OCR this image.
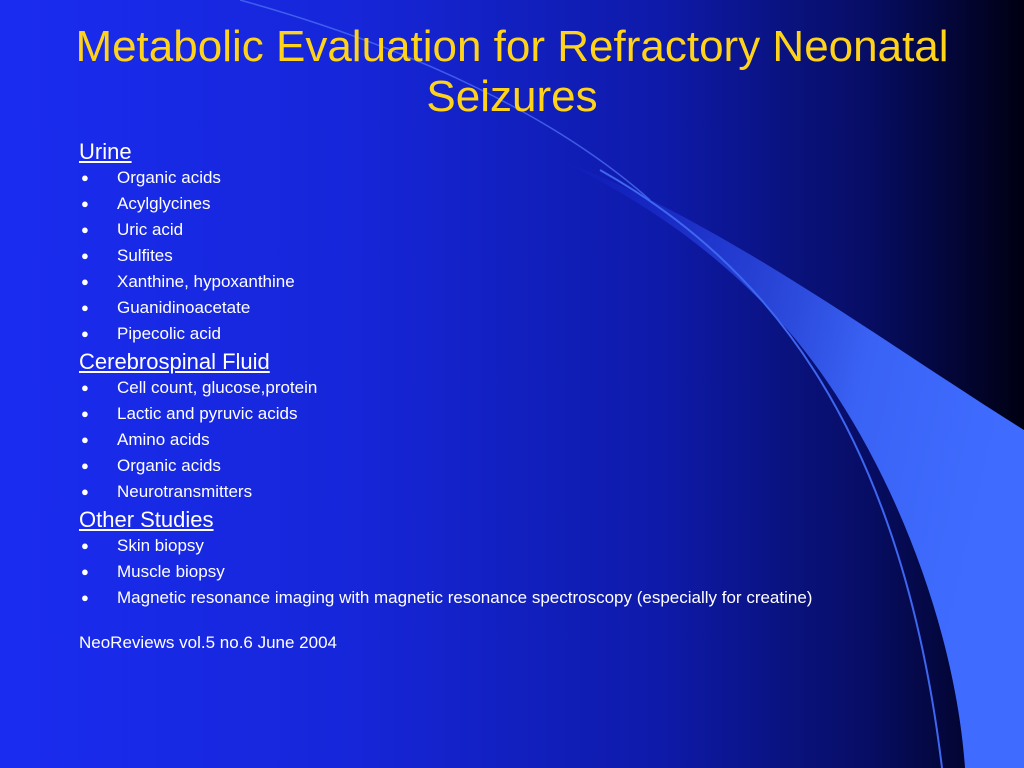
Metabolic Evaluation for Refractory Neonatal Seizures
Urine
● Organic acids
● Acylglycines
● Uric acid
● Sulfites
● Xanthine, hypoxanthine
● Guanidinoacetate
● Pipecolic acid
Cerebrospinal Fluid
● Cell count, glucose,protein
● Lactic and pyruvic acids
● Amino acids
● Organic acids
● Neurotransmitters
Other Studies
● Skin biopsy
● Muscle biopsy
● Magnetic resonance imaging with magnetic resonance spectroscopy (especially for creatine)
NeoReviews vol.5 no.6 June 2004
